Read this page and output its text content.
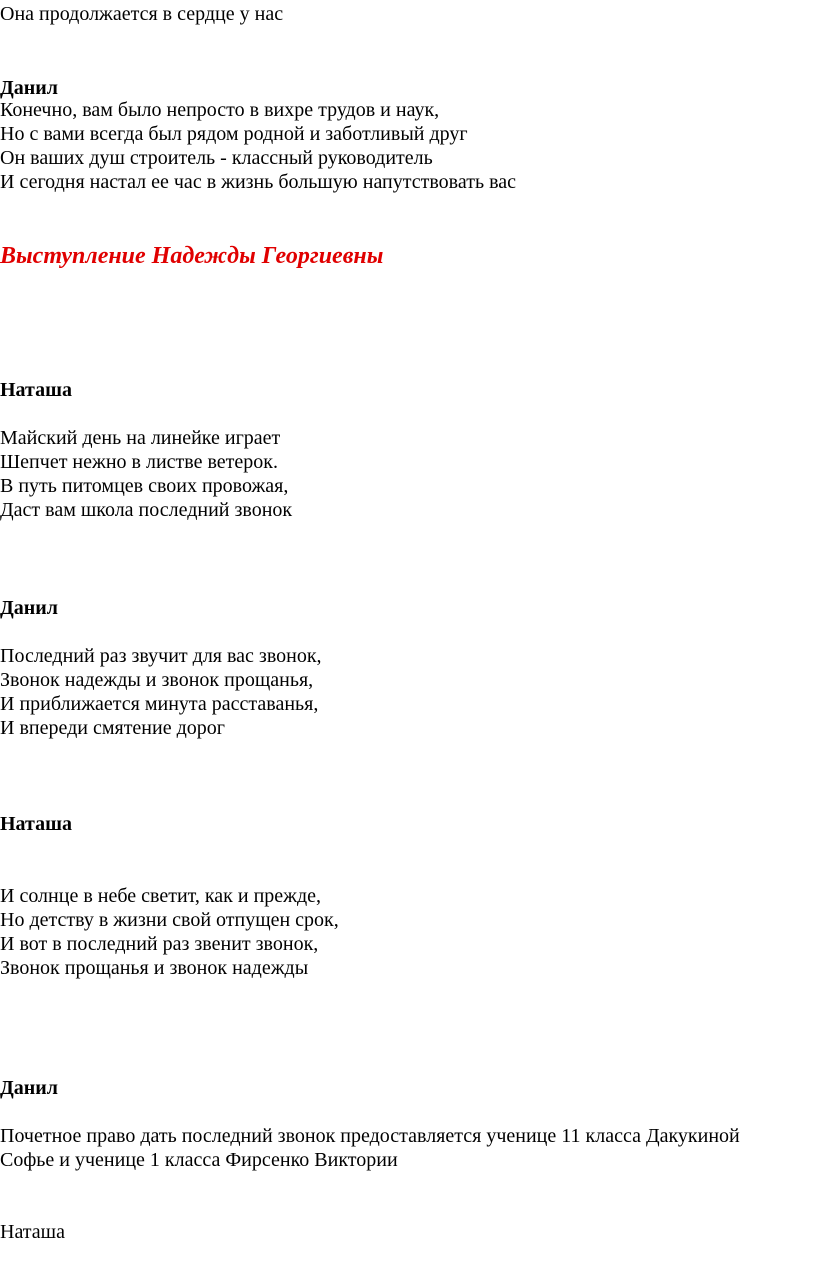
Она продолжается в сердце у нас
Данил
Конечно, вам было непросто в вихре трудов и наук,
Но с вами всегда был рядом родной и заботливый друг
Он ваших душ строитель - классный руководитель
И сегодня настал ее час в жизнь большую напутствовать вас
Выступление Надежды Георгиевны
Наташа
Майский день на линейке играет
Шепчет нежно в листве ветерок.
В путь питомцев своих провожая,
Даст вам школа последний звонок
Данил
Последний раз звучит для вас звонок,
Звонок надежды и звонок прощанья,
И приближается минута расставанья,
И впереди смятение дорог
Наташа
И солнце в небе светит, как и прежде,
Но детству в жизни свой отпущен срок,
И вот в последний раз звенит звонок,
Звонок прощанья и звонок надежды
Данил
Почетное право дать последний звонок предоставляется ученице 11 класса Дакукиной
Софье и ученице 1 класса Фирсенко Виктории
Наташа
